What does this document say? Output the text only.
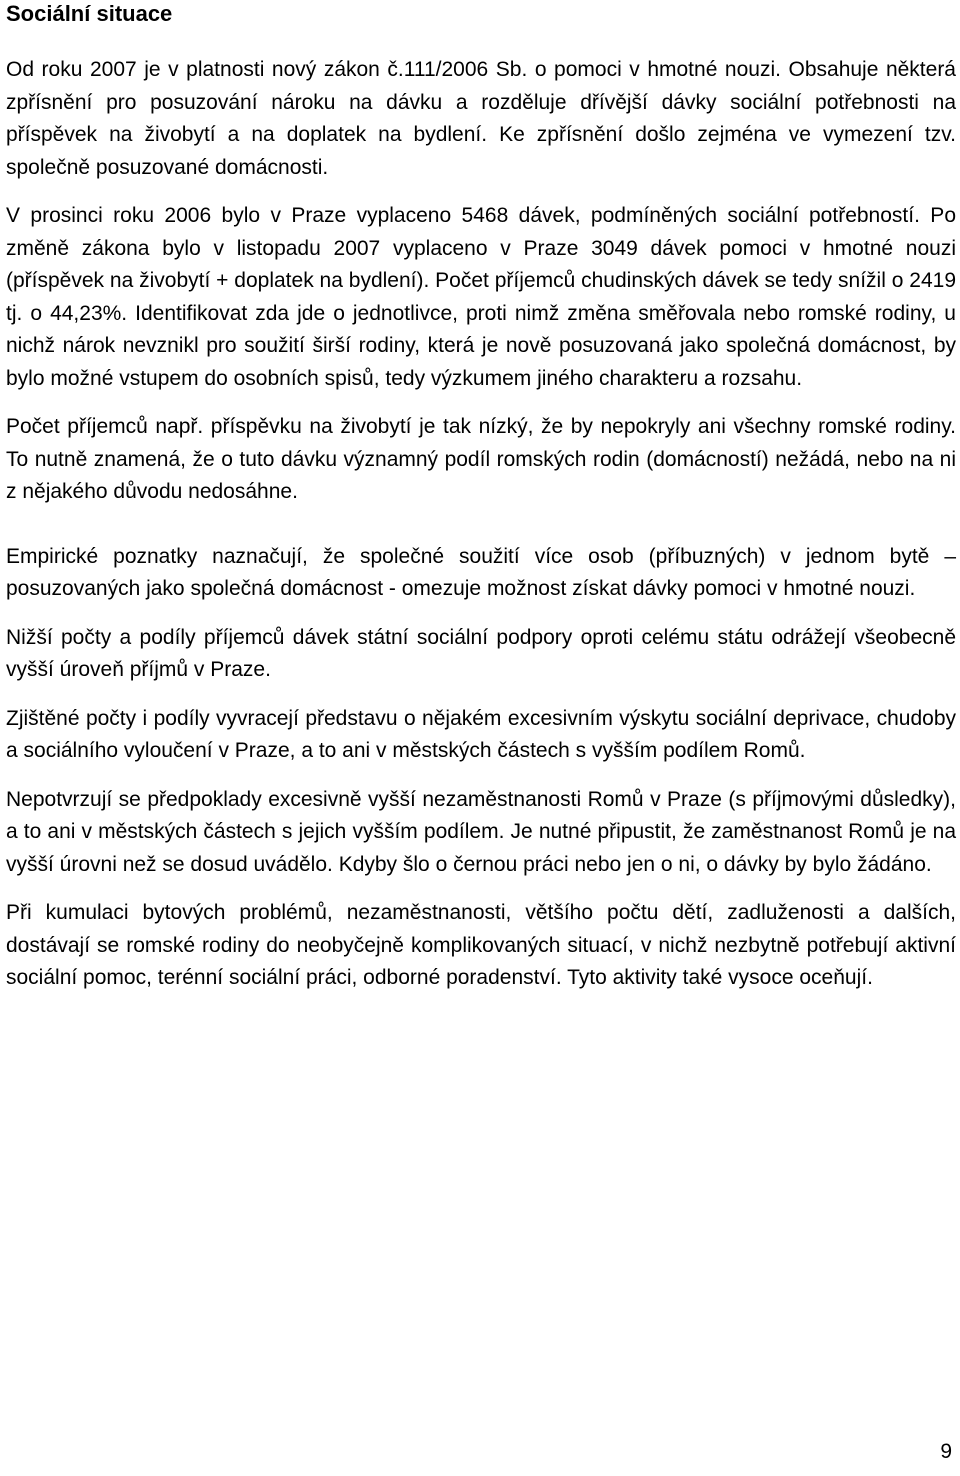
Sociální situace

Od roku 2007 je v platnosti nový zákon č.111/2006 Sb. o pomoci v hmotné nouzi. Obsahuje některá zpřísnění pro posuzování nároku na dávku a rozděluje dřívější dávky sociální potřebnosti na příspěvek na živobytí a na doplatek na bydlení. Ke zpřísnění došlo zejména ve vymezení tzv. společně posuzované domácnosti.

V prosinci roku 2006 bylo v Praze vyplaceno 5468 dávek, podmíněných sociální potřebností. Po změně zákona bylo v listopadu 2007 vyplaceno v Praze 3049 dávek pomoci v hmotné nouzi (příspěvek na živobytí + doplatek na bydlení). Počet příjemců chudinských dávek se tedy snížil o 2419 tj. o 44,23%. Identifikovat zda jde o jednotlivce, proti nimž změna směřovala nebo romské rodiny, u nichž nárok nevznikl pro soužití širší rodiny, která je nově posuzovaná jako společná domácnost, by bylo možné vstupem do osobních spisů, tedy výzkumem jiného charakteru a rozsahu.

Počet příjemců např. příspěvku na živobytí je tak nízký, že by nepokryly ani všechny romské rodiny. To nutně znamená, že o tuto dávku významný podíl romských rodin (domácností) nežádá, nebo na ni z nějakého důvodu nedosáhne.

Empirické poznatky naznačují, že společné soužití více osob (příbuzných) v jednom bytě – posuzovaných jako společná domácnost - omezuje možnost získat dávky pomoci v hmotné nouzi.

Nižší počty a podíly příjemců dávek státní sociální podpory oproti celému státu odrážejí všeobecně vyšší úroveň příjmů v Praze.

Zjištěné počty i podíly vyvracejí představu o nějakém excesivním výskytu sociální deprivace, chudoby a sociálního vyloučení v Praze, a to ani v městských částech s vyšším podílem Romů.

Nepotvrzují se předpoklady excesivně vyšší nezaměstnanosti Romů v Praze (s příjmovými důsledky), a to ani v městských částech s jejich vyšším podílem. Je nutné připustit, že zaměstnanost Romů je na vyšší úrovni než se dosud uvádělo. Kdyby šlo o černou práci nebo jen o ni, o dávky by bylo žádáno.

Při kumulaci bytových problémů, nezaměstnanosti, většího počtu dětí, zadluženosti a dalších, dostávají se romské rodiny do neobyčejně komplikovaných situací, v nichž nezbytně potřebují aktivní sociální pomoc, terénní sociální práci, odborné poradenství. Tyto aktivity také vysoce oceňují.

9
